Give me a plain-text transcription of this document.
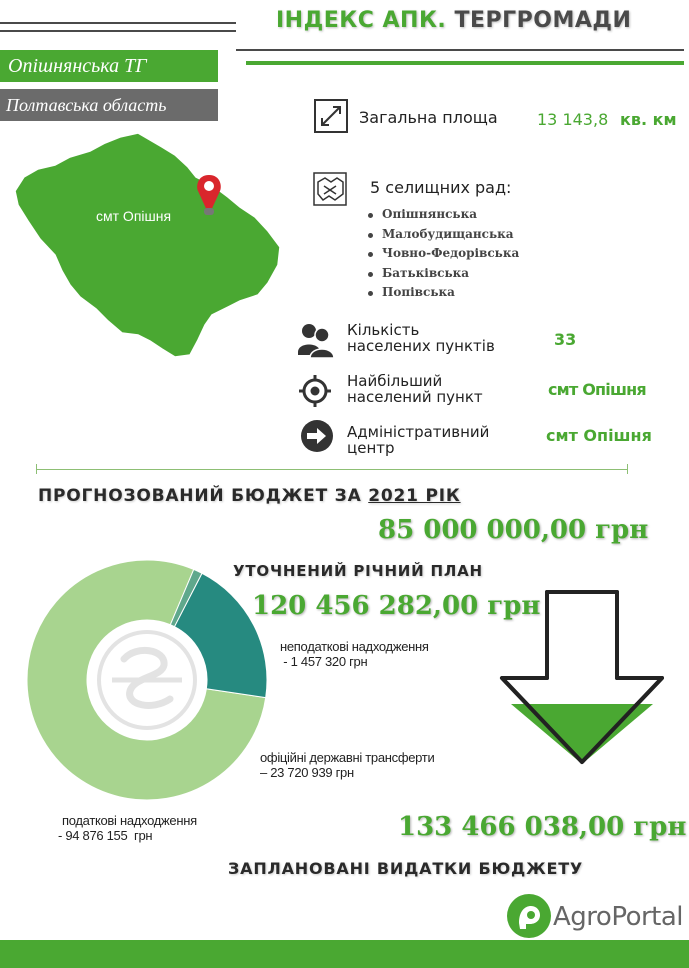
ІНДЕКС АПК. ТЕРГРОМАДИ
Опішнянська ТГ
Полтавська область
смт Опішня
Загальна площа 13 143,8 кв. км
5 селищних рад:
Опішнянська
Малобудищанська
Човно-Федорівська
Батьківська
Попівська
Кількість
населених пунктів	33
Найбільший
населений пункт	смт Опішня
Адміністративний
центр
смт Опішня
ПРОГНОЗОВАНИЙ БЮДЖЕТ ЗА 2021 РІК
85 000 000,00 грн
УТОЧНЕНИЙ РІЧНИЙ ПЛАН
120 456 282,00 грн
неподаткові надходження
- 1 457 320 грн
офіційні державні трансферти
– 23 720 939 грн
податкові надходження
- 94 876 155  грн	133 466 038,00 грн
ЗАПЛАНОВАНІ ВИДАТКИ БЮДЖЕТУ
AgroPortal
